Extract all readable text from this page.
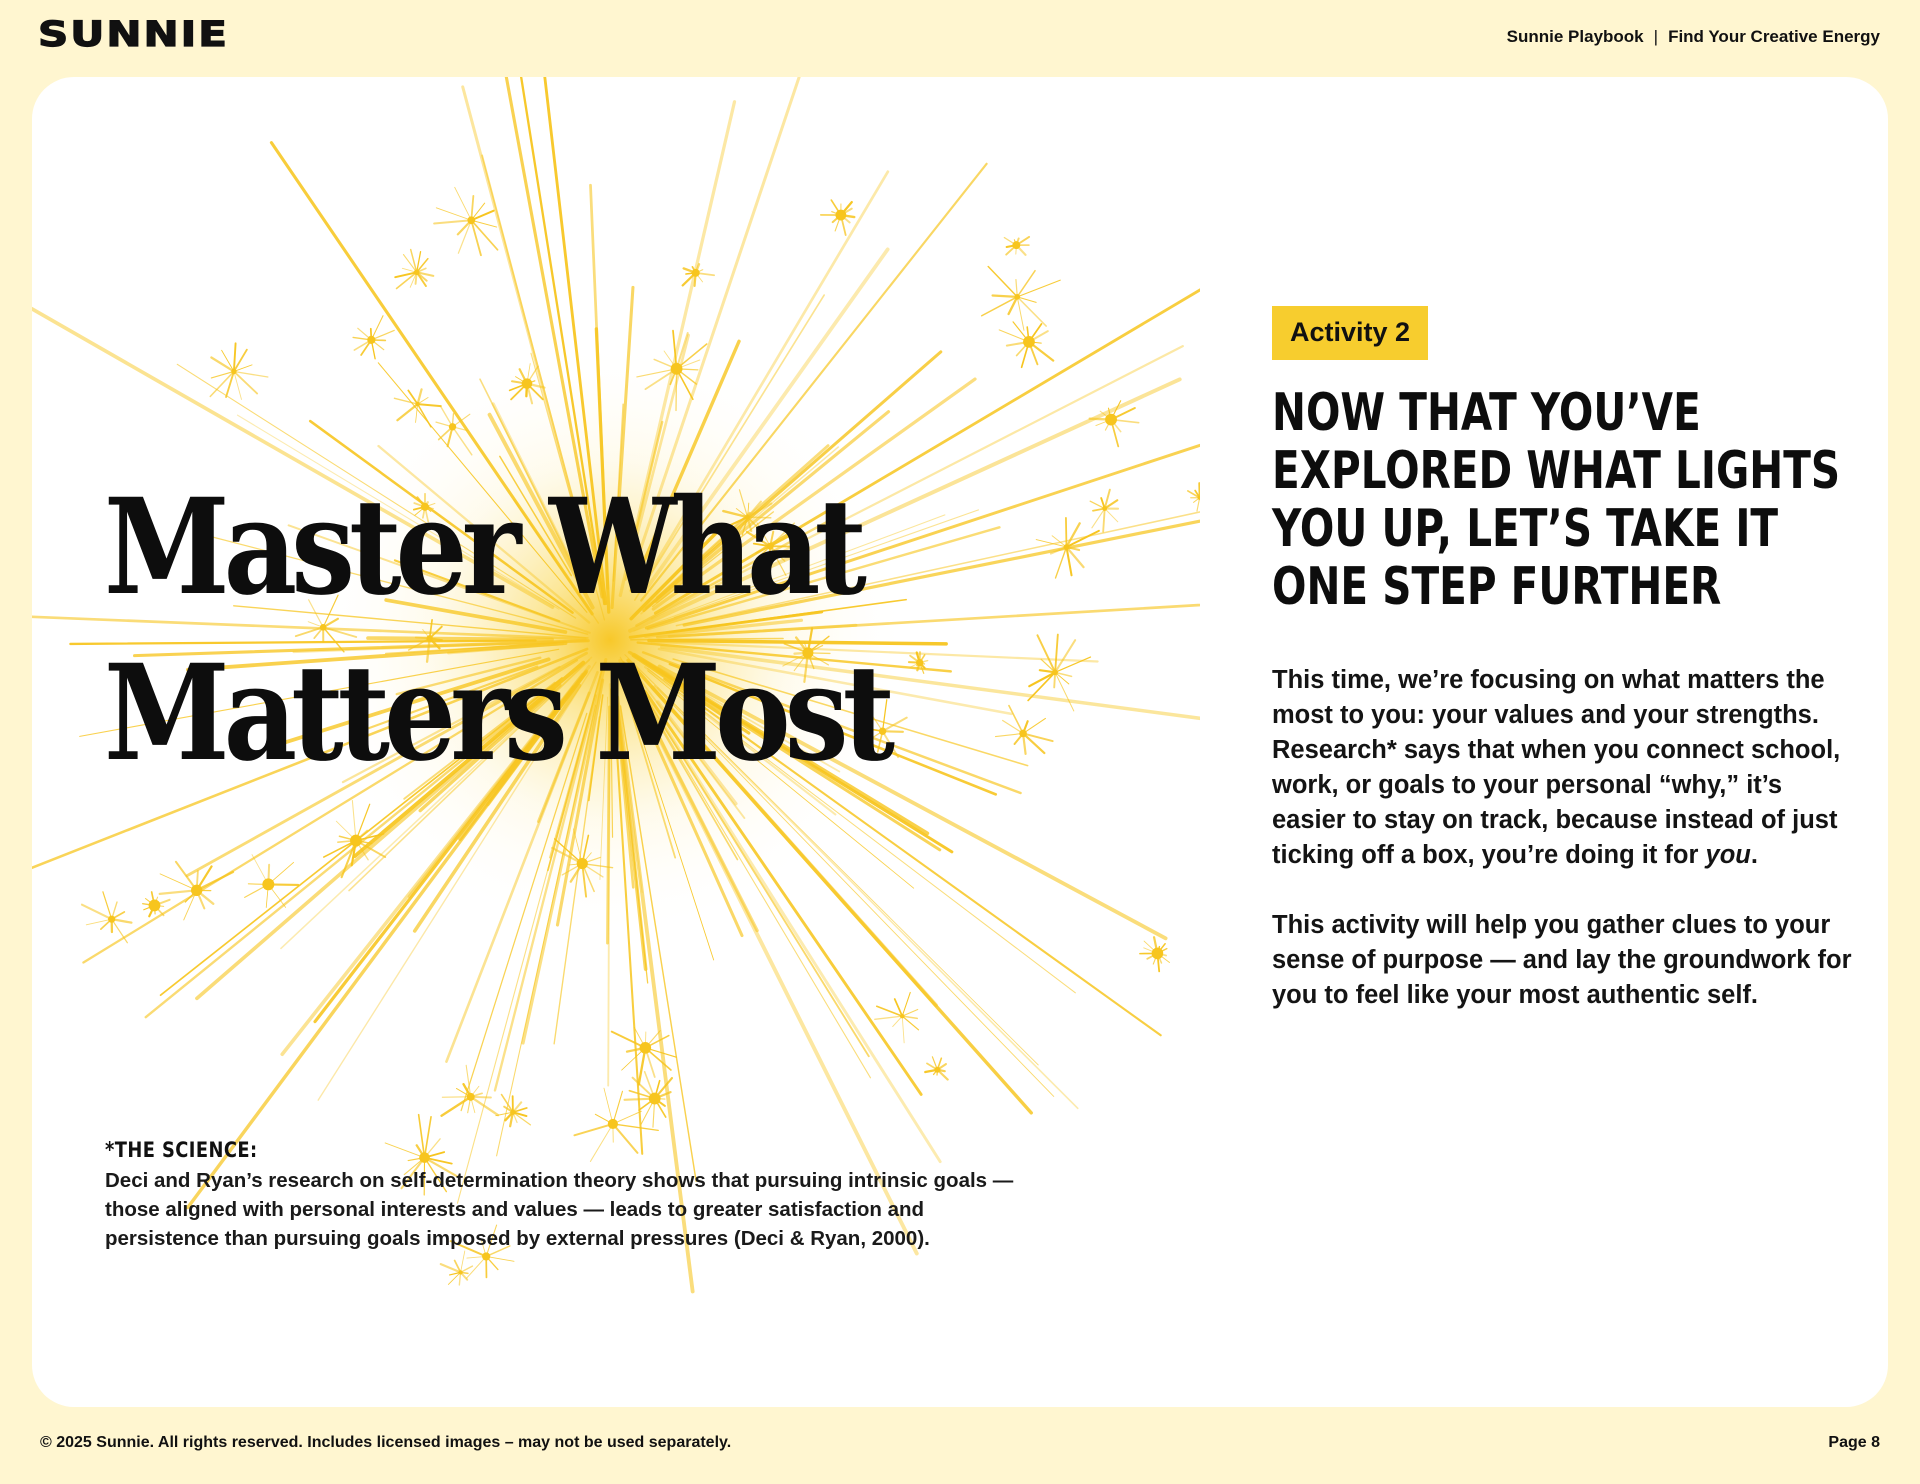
SUNNIE	Sunnie Playbook | Find Your Creative Energy
Master What
Matters Most
*THE SCIENCE:
Deci and Ryan’s research on self-determination theory shows that pursuing intrinsic goals — those aligned with personal interests and values — leads to greater satisfaction and persistence than pursuing goals imposed by external pressures (Deci & Ryan, 2000).
Activity 2
NOW THAT YOU’VE EXPLORED WHAT LIGHTS YOU UP, LET’S TAKE IT ONE STEP FURTHER

This time, we’re focusing on what matters the most to you: your values and your strengths. Research* says that when you connect school, work, or goals to your personal “why,” it’s easier to stay on track, because instead of just ticking off a box, you’re doing it for you.

This activity will help you gather clues to your sense of purpose — and lay the groundwork for you to feel like your most authentic self.

© 2025 Sunnie. All rights reserved. Includes licensed images – may not be used separately.	Page 8
